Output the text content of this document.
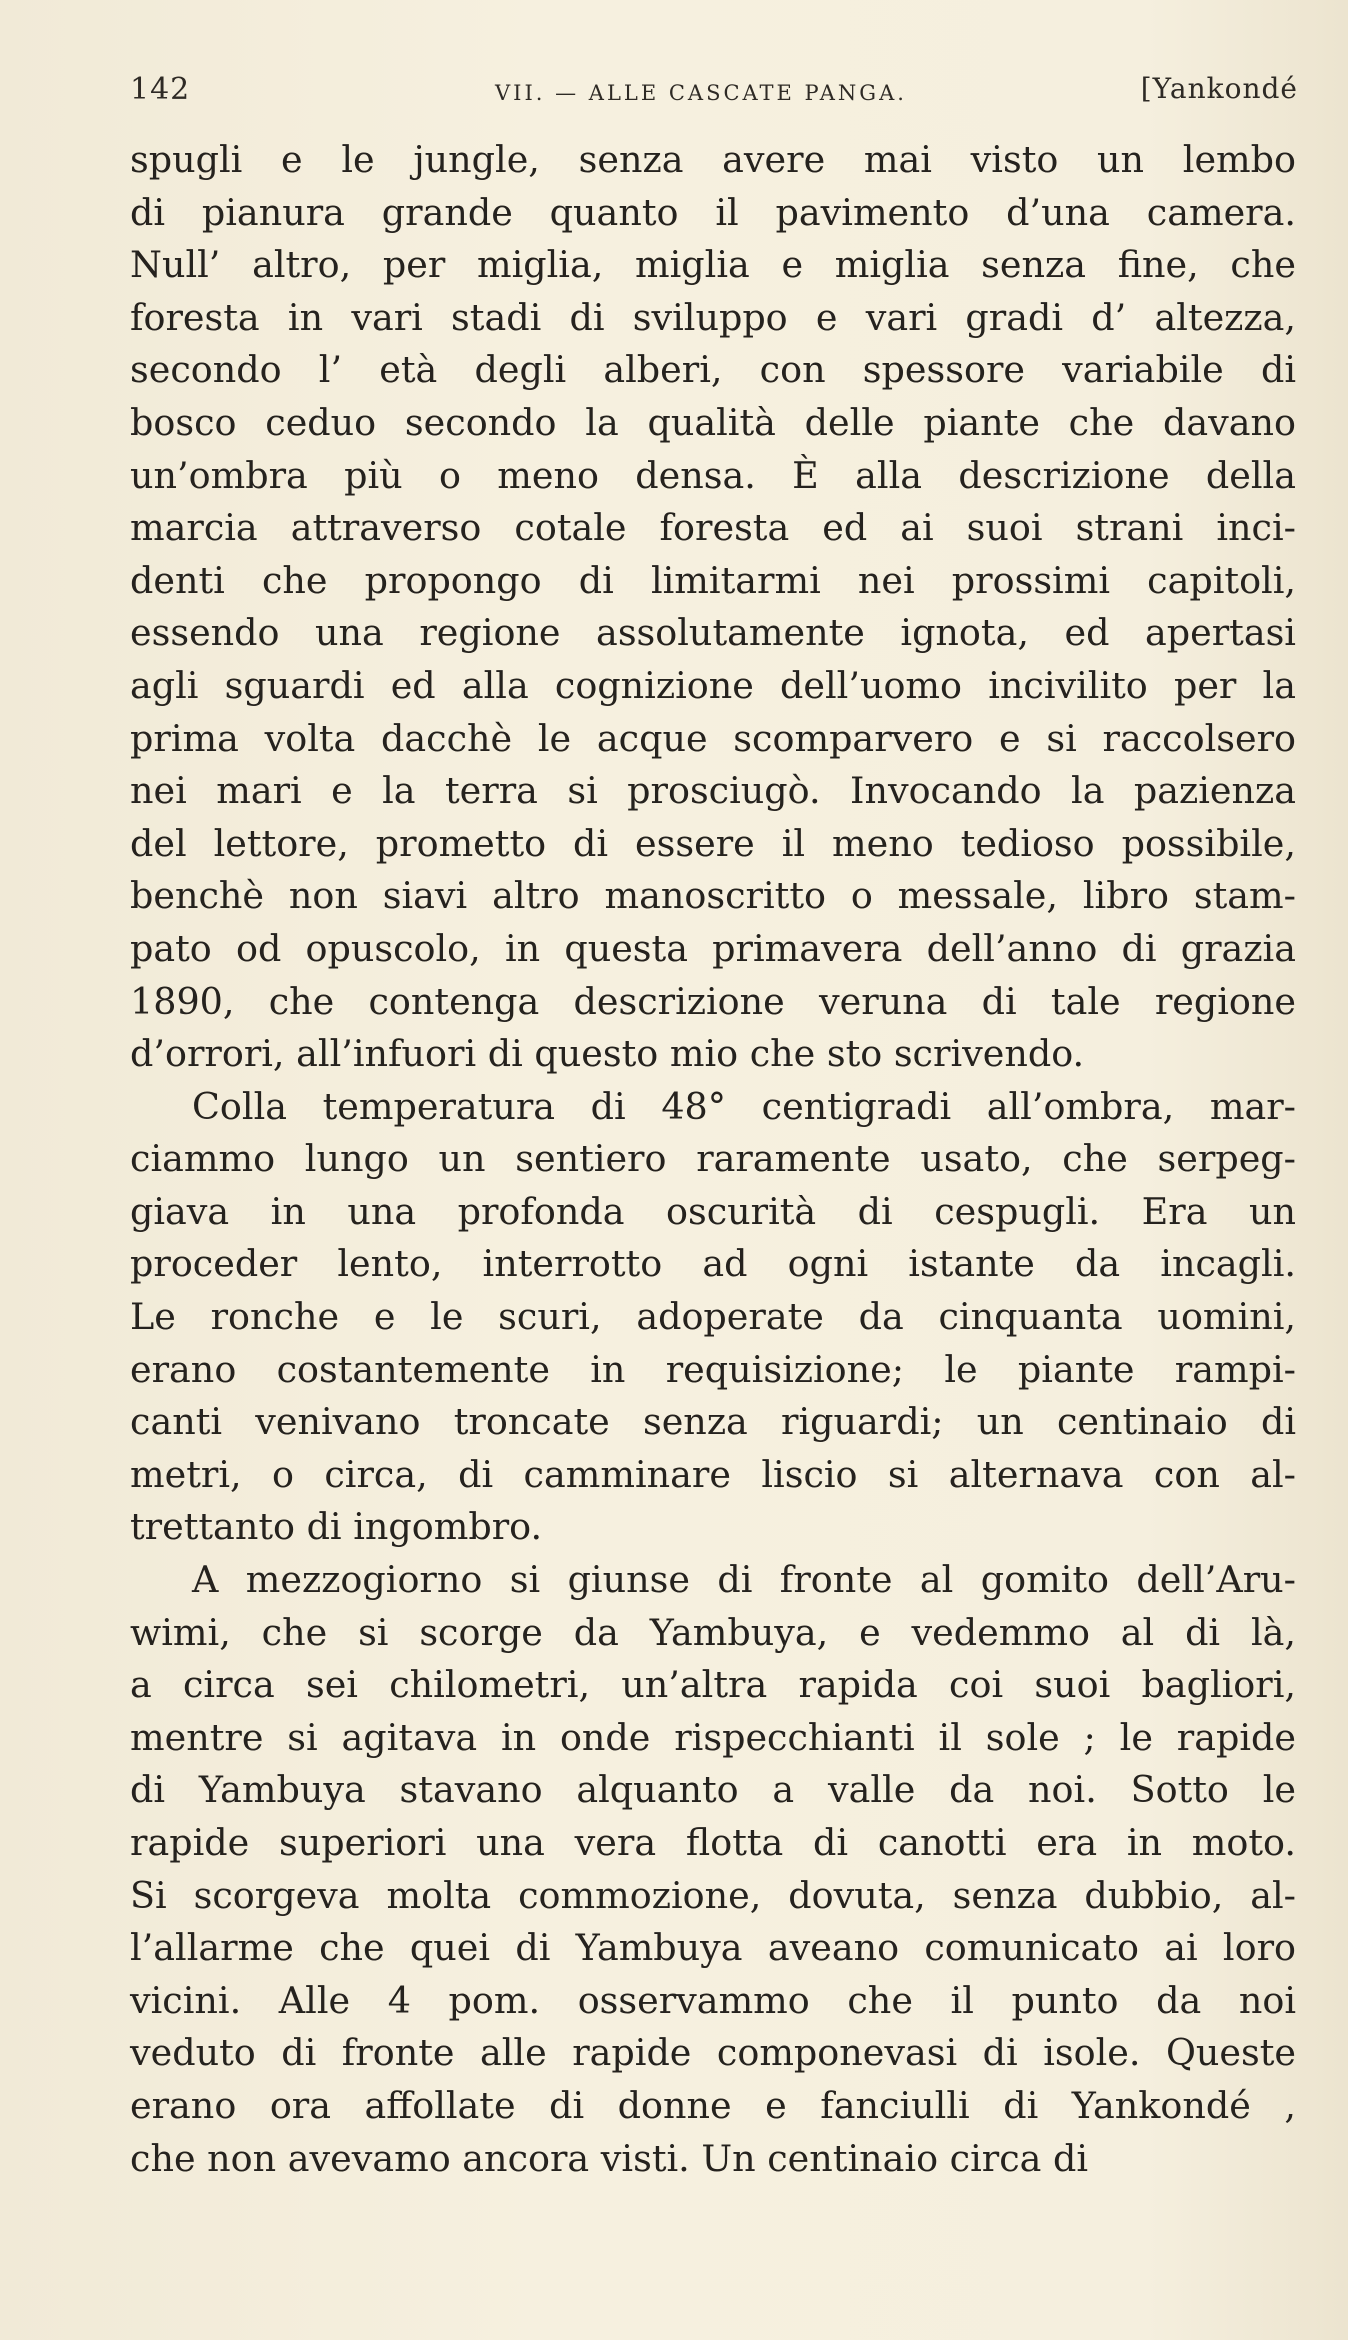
142	VII. — ALLE CASCATE PANGA.	[Yankondé
spugli e le jungle, senza avere mai visto un lembo
di pianura grande quanto il pavimento d’una camera.
Null’ altro, per miglia, miglia e miglia senza fine, che
foresta in vari stadi di sviluppo e vari gradi d’ altezza,
secondo l’ età degli alberi, con spessore variabile di
bosco ceduo secondo la qualità delle piante che davano
un’ombra più o meno densa. È alla descrizione della
marcia attraverso cotale foresta ed ai suoi strani inci-
denti che propongo di limitarmi nei prossimi capitoli,
essendo una regione assolutamente ignota, ed apertasi
agli sguardi ed alla cognizione dell’uomo incivilito per la
prima volta dacchè le acque scomparvero e si raccolsero
nei mari e la terra si prosciugò. Invocando la pazienza
del lettore, prometto di essere il meno tedioso possibile,
benchè non siavi altro manoscritto o messale, libro stam-
pato od opuscolo, in questa primavera dell’anno di grazia
1890, che contenga descrizione veruna di tale regione
d’orrori, all’infuori di questo mio che sto scrivendo.
Colla temperatura di 48° centigradi all’ombra, mar-
ciammo lungo un sentiero raramente usato, che serpeg-
giava in una profonda oscurità di cespugli. Era un
proceder lento, interrotto ad ogni istante da incagli.
Le ronche e le scuri, adoperate da cinquanta uomini,
erano costantemente in requisizione; le piante rampi-
canti venivano troncate senza riguardi; un centinaio di
metri, o circa, di camminare liscio si alternava con al-
trettanto di ingombro.
A mezzogiorno si giunse di fronte al gomito dell’Aru-
wimi, che si scorge da Yambuya, e vedemmo al di là,
a circa sei chilometri, un’altra rapida coi suoi bagliori,
mentre si agitava in onde rispecchianti il sole ; le rapide
di Yambuya stavano alquanto a valle da noi. Sotto le
rapide superiori una vera flotta di canotti era in moto.
Si scorgeva molta commozione, dovuta, senza dubbio, al-
l’allarme che quei di Yambuya aveano comunicato ai loro
vicini. Alle 4 pom. osservammo che il punto da noi
veduto di fronte alle rapide componevasi di isole. Queste
erano ora affollate di donne e fanciulli di Yankondé ,
che non avevamo ancora visti. Un centinaio circa di
